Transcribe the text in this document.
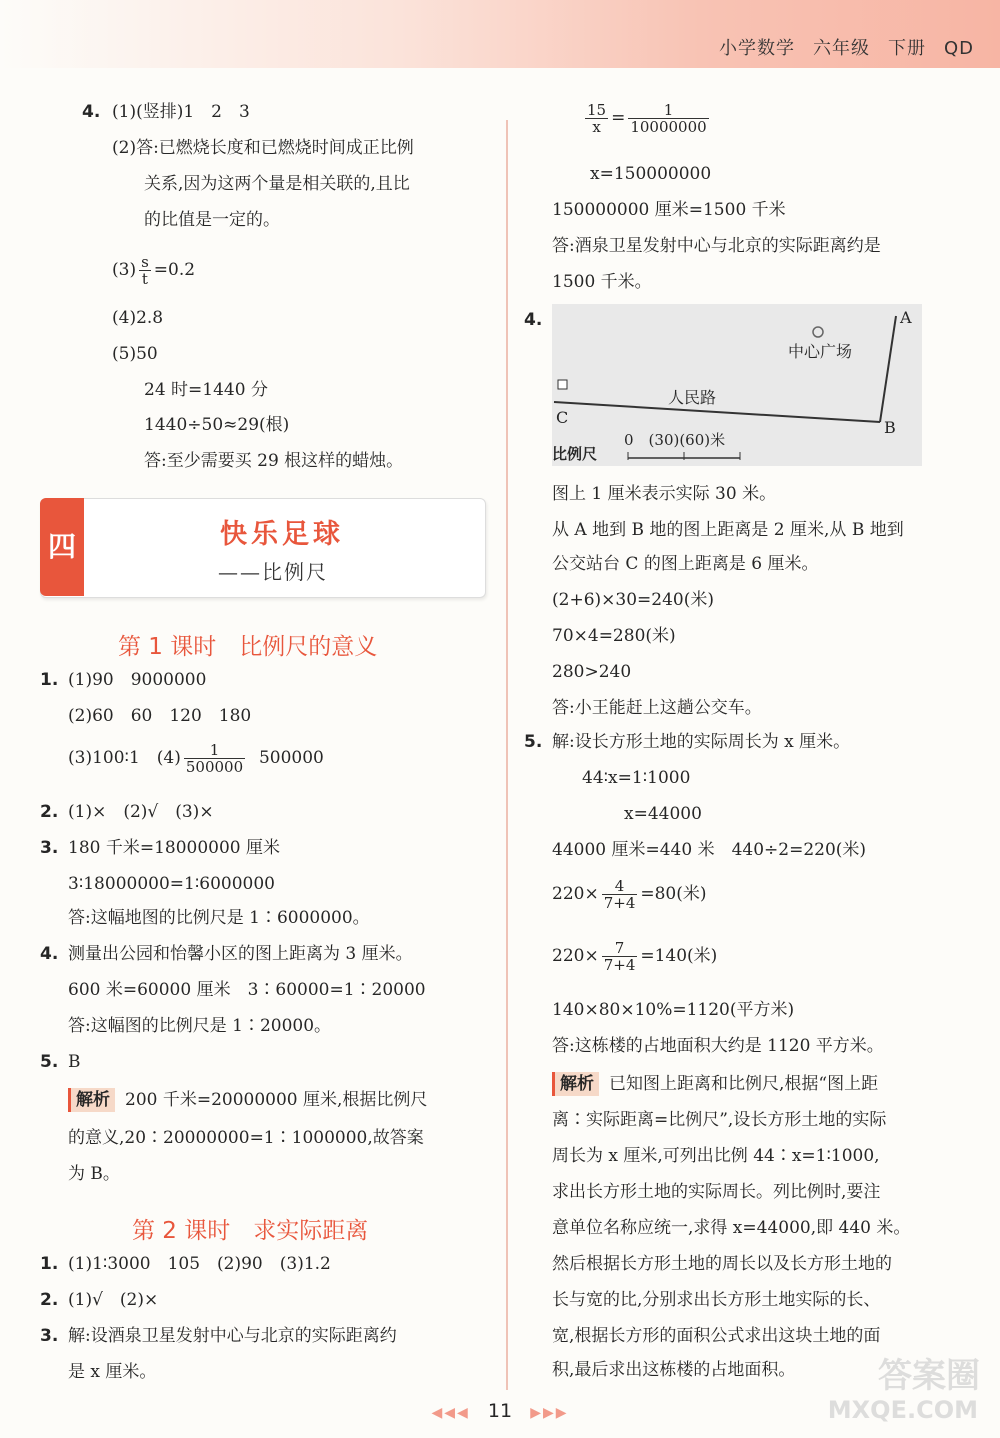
小学数学 六年级 下册 QD
4. (1)(竖排)1　2　3
(2)答:已燃烧长度和已燃烧时间成正比例
关系,因为这两个量是相关联的,且比
的比值是一定的。
$(3) \frac{s}{t} =0.2$
(4)2.8
(5)50
24 时=1440 分
1440÷50≈29(根)
答:至少需要买 29 根这样的蜡烛。
四	快乐足球
——比例尺
第 1 课时　比例尺的意义
1. (1)90　9000000
(2)60　60　120　180
(3)100∶1　$(4) \frac{1}{500000} 500000$
2. (1)×　(2)√　(3)×
3. 180 千米=18000000 厘米
3∶18000000=1∶6000000
答:这幅地图的比例尺是 1∶6000000。
4. 测量出公园和怡馨小区的图上距离为 3 厘米。
600 米=60000 厘米　3∶60000=1∶20000
答:这幅图的比例尺是 1∶20000。
5. B
解析 200 千米=20000000 厘米,根据比例尺
的意义,20∶20000000=1∶1000000,故答案
为 B。
第 2 课时　求实际距离
1. (1)1∶3000　105　(2)90　(3)1.2
2. (1)√　(2)×
3. 解:设酒泉卫星发射中心与北京的实际距离约
是 x 厘米。
$\frac{15}{x} = \frac{1}{10000000}$
x=150000000
150000000 厘米=1500 千米
答:酒泉卫星发射中心与北京的实际距离约是
1500 千米。
4.	A
B
C
中心广场
人民路
比例尺
0　(30)(60)米
图上 1 厘米表示实际 30 米。
从 A 地到 B 地的图上距离是 2 厘米,从 B 地到
公交站台 C 的图上距离是 6 厘米。
(2+6)×30=240(米)
70×4=280(米)
280>240
答:小王能赶上这趟公交车。
5. 解:设长方形土地的实际周长为 x 厘米。
44∶x=1∶1000
x=44000
44000 厘米=440 米　440÷2=220(米)
$220\times \frac{4}{7+4} =80$(米)
$220\times \frac{7}{7+4} =140$(米)
140×80×10%=1120(平方米)
答:这栋楼的占地面积大约是 1120 平方米。
解析 已知图上距离和比例尺,根据“图上距
离∶实际距离=比例尺”,设长方形土地的实际
周长为 x 厘米,可列出比例 44∶x=1∶1000,
求出长方形土地的实际周长。列比例时,要注
意单位名称应统一,求得 x=44000,即 440 米。
然后根据长方形土地的周长以及长方形土地的
长与宽的比,分别求出长方形土地实际的长、
宽,根据长方形的面积公式求出这块土地的面
积,最后求出这栋楼的占地面积。
◀◀◀ 11 ▶▶▶
答案圈
MXQE.COM
